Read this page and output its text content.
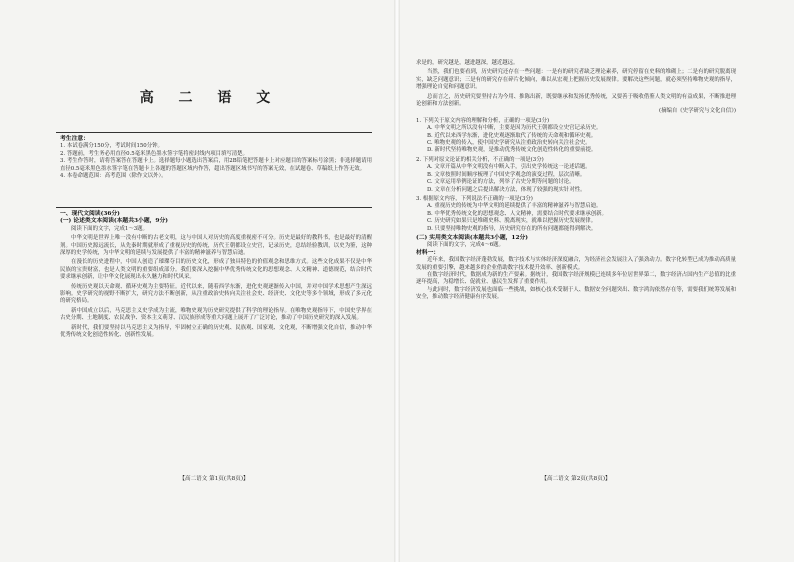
高 二 语 文

考生注意：

1. 本试卷满分150分，考试时间150分钟。

2. 答题前，考生务必用直径0.5毫米黑色墨水签字笔将密封线内项目填写清楚。

3. 考生作答时，请将答案答在答题卡上。选择题每小题选出答案后，用2B铅笔把答题卡上对应题目的答案标号涂黑；非选择题请用直径0.5毫米黑色墨水签字笔在答题卡上各题的答题区域内作答，超出答题区域书写的答案无效，在试题卷、草稿纸上作答无效。

4. 本卷命题范围：高考范围（除作文以外）。

一、现代文阅读(36分)

(一) 论述类文本阅读(本题共3小题，9分)

阅读下面的文字，完成1～3题。

中华文明是世界上唯一没有中断的古老文明，这与中国人对历史的高度重视密不可分。历史是最好的教科书，也是最好的清醒剂。中国历史源远流长，从先秦时期就形成了重视历史的传统，历代王朝都设立史官，记录历史，总结经验教训，以史为鉴，这种深厚的史学传统，为中华文明的延续与发展提供了丰富的精神滋养与智慧启迪。

在漫长的历史进程中，中国人创造了璀璨夺目的历史文化，形成了独具特色的价值观念和思维方式。这些文化成果不仅是中华民族的宝贵财富，也是人类文明的重要组成部分。我们要深入挖掘中华优秀传统文化的思想观念、人文精神、道德规范，结合时代要求继承创新，让中华文化展现出永久魅力和时代风采。

传统历史观以天命观、循环史观为主要特征。近代以来，随着西学东渐，进化史观逐渐传入中国，并对中国学术思想产生深远影响。史学研究的视野不断扩大，研究方法不断创新，从注重政治史转向关注社会史、经济史、文化史等多个领域，形成了多元化的研究格局。

新中国成立以后，马克思主义史学成为主流，唯物史观为历史研究提供了科学的理论指导。在唯物史观指导下，中国史学界在古史分期、土地制度、农民战争、资本主义萌芽、汉民族形成等重大问题上展开了广泛讨论，推动了中国历史研究的深入发展。

新时代，我们要坚持以马克思主义为指导，牢固树立正确的历史观、民族观、国家观、文化观，不断增强文化自信，推动中华优秀传统文化创造性转化、创新性发展。

【高二语文 第1页(共8页)】

求是的，研究越是，越进越深，越近越远。

当然，我们也要看到，历史研究还存在一些问题：一是有的研究者缺乏理论素养，研究停留在史料的堆砌上；二是有的研究脱离现实，缺乏问题意识；三是有的研究存在碎片化倾向，难以从宏观上把握历史发展规律。要解决这些问题，就必须坚持唯物史观的指导，增强理论自觉和问题意识。

总而言之，历史研究要坚持古为今用、推陈出新，既要继承和发扬优秀传统，又要善于吸收借鉴人类文明的有益成果，不断推进理论创新和方法创新。

(摘编自《史学研究与文化自信》)

1. 下列关于原文内容的理解和分析，正确的一项是(3分)

A. 中华文明之所以没有中断，主要是因为历代王朝都设立史官记录历史。

B. 近代以来西学东渐，进化史观逐渐取代了传统的天命观和循环史观。

C. 唯物史观的传入，使中国史学研究从注重政治史转向关注社会史。

D. 新时代坚持唯物史观，是推动优秀传统文化创造性转化的重要前提。

2. 下列对原文论证的相关分析，不正确的一项是(3分)

A. 文章开篇从中华文明没有中断入手，引出史学传统这一论述话题。

B. 文章按照时间顺序梳理了中国史学观念的演变过程，层次清晰。

C. 文章运用举例论证的方法，列举了古史分期等问题的讨论。

D. 文章在分析问题之后提出解决方法，体现了较强的现实针对性。

3. 根据原文内容，下列说法不正确的一项是(3分)

A. 重视历史的传统为中华文明的延续提供了丰富的精神滋养与智慧启迪。

B. 中华优秀传统文化的思想观念、人文精神，需要结合时代要求继承创新。

C. 历史研究如果只是堆砌史料、脱离现实，就难以把握历史发展规律。

D. 只要坚持唯物史观的指导，历史研究存在的所有问题都能得到解决。

(二) 实用类文本阅读(本题共3小题，12分)

阅读下面的文字，完成4～6题。

材料一：

近年来，我国数字经济蓬勃发展，数字技术与实体经济深度融合，为经济社会发展注入了强劲动力。数字化转型已成为推动高质量发展的重要引擎，越来越多的企业借助数字技术提升效率、创新模式。

在数字经济时代，数据成为新的生产要素。据统计，我国数字经济规模已连续多年位居世界第二，数字经济占国内生产总值的比重逐年提高，为稳增长、促就业、惠民生发挥了重要作用。

与此同时，数字经济发展也面临一些挑战，如核心技术受制于人、数据安全问题突出、数字鸿沟依然存在等，需要我们统筹发展和安全，推动数字经济健康有序发展。

【高二语文 第2页(共8页)】
